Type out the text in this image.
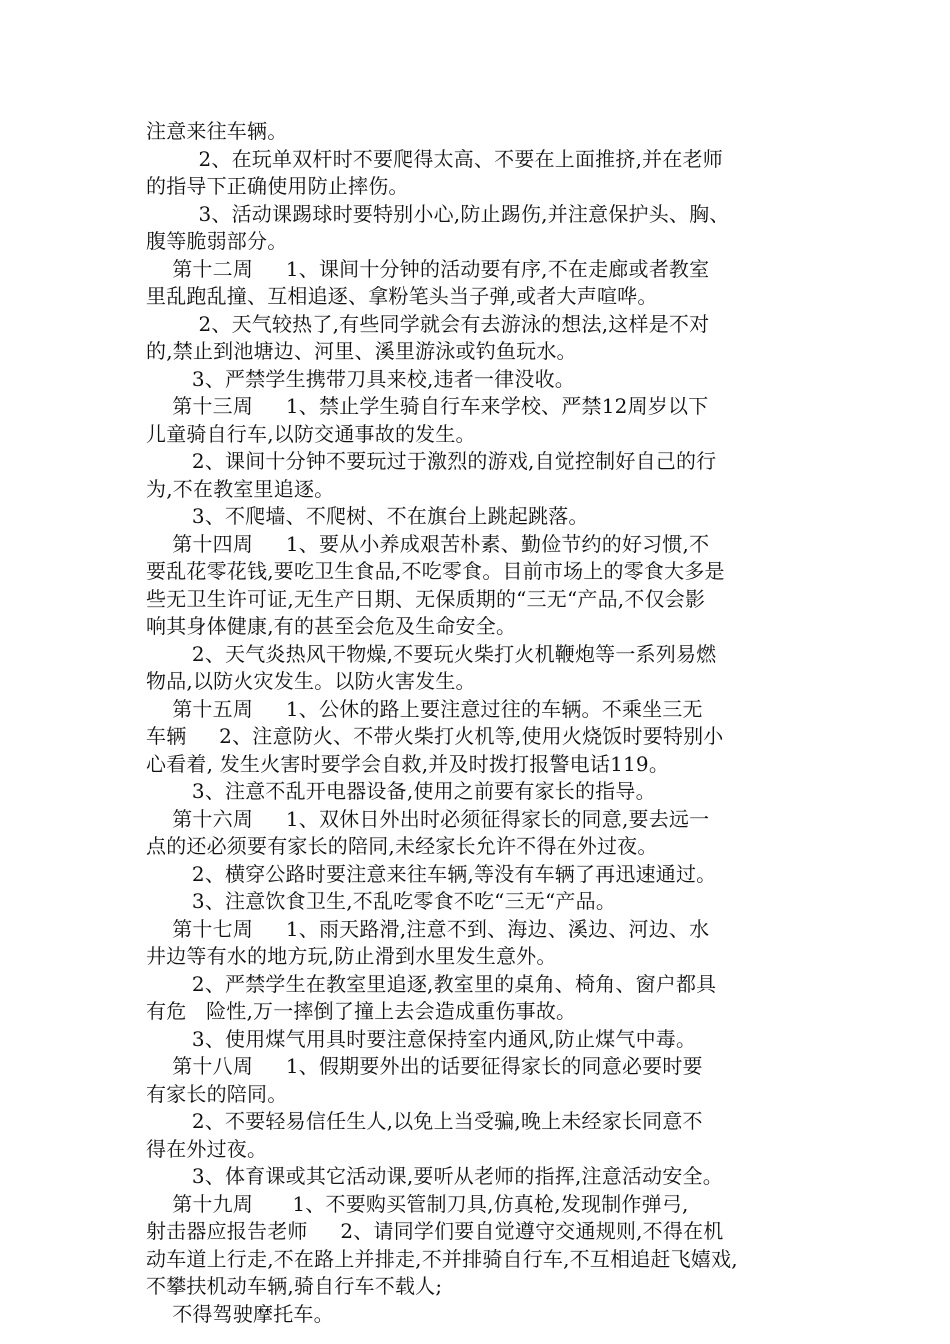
注意来往车辆。
2、在玩单双杆时不要爬得太高、不要在上面推挤,并在老师
的指导下正确使用防止摔伤。
3、活动课踢球时要特别小心,防止踢伤,并注意保护头、胸、
腹等脆弱部分。
第十二周     1、课间十分钟的活动要有序,不在走廊或者教室
里乱跑乱撞、互相追逐、拿粉笔头当子弹,或者大声喧哗。
2、天气较热了,有些同学就会有去游泳的想法,这样是不对
的,禁止到池塘边、河里、溪里游泳或钓鱼玩水。
3、严禁学生携带刀具来校,违者一律没收。
第十三周     1、禁止学生骑自行车来学校、严禁12周岁以下
儿童骑自行车,以防交通事故的发生。
2、课间十分钟不要玩过于激烈的游戏,自觉控制好自己的行
为,不在教室里追逐。
3、不爬墙、不爬树、不在旗台上跳起跳落。
第十四周     1、要从小养成艰苦朴素、勤俭节约的好习惯,不
要乱花零花钱,要吃卫生食品,不吃零食。目前市场上的零食大多是
些无卫生许可证,无生产日期、无保质期的“三无“产品,不仅会影
响其身体健康,有的甚至会危及生命安全。
2、天气炎热风干物燥,不要玩火柴打火机鞭炮等一系列易燃
物品,以防火灾发生。以防火害发生。
第十五周     1、公休的路上要注意过往的车辆。不乘坐三无
车辆     2、注意防火、不带火柴打火机等,使用火烧饭时要特别小
心看着, 发生火害时要学会自救,并及时拨打报警电话119。
3、注意不乱开电器设备,使用之前要有家长的指导。
第十六周     1、双休日外出时必须征得家长的同意,要去远一
点的还必须要有家长的陪同,未经家长允许不得在外过夜。
2、横穿公路时要注意来往车辆,等没有车辆了再迅速通过。
3、注意饮食卫生,不乱吃零食不吃“三无“产品。
第十七周     1、雨天路滑,注意不到、海边、溪边、河边、水
井边等有水的地方玩,防止滑到水里发生意外。
2、严禁学生在教室里追逐,教室里的桌角、椅角、窗户都具
有危   险性,万一摔倒了撞上去会造成重伤事故。
3、使用煤气用具时要注意保持室内通风,防止煤气中毒。
第十八周     1、假期要外出的话要征得家长的同意必要时要
有家长的陪同。
2、不要轻易信任生人,以免上当受骗,晚上未经家长同意不
得在外过夜。
3、体育课或其它活动课,要听从老师的指挥,注意活动安全。
第十九周      1、不要购买管制刀具,仿真枪,发现制作弹弓,
射击器应报告老师     2、请同学们要自觉遵守交通规则,不得在机
动车道上行走,不在路上并排走,不并排骑自行车,不互相追赶飞嬉戏,
不攀扶机动车辆,骑自行车不载人;
不得驾驶摩托车。
